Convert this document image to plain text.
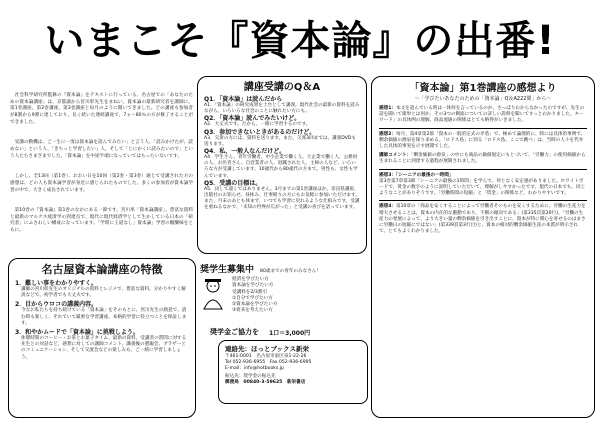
いまこそ『資本論』の出番!

　社会科学研究所監修の『資本論』をテキストに行っている、名古屋での「あなたのための資本論講座」は、京都譲から宮川彰先生をまねい、資本論の最新研究者を講師に、第1巻講座、第2巻講座、第3巻講座と毎月のように開いてきました。どの講座も参加者が8割から9割に達しており、長く続いた連続講座で、7ヵ〜80％の方が修了することができました。

　受講の動機は、ご一生に一度は資本論を読んでみたい」と言う人、「読みかけたが、読めない」という人、「きちっと学習したい」人、そして「とにかくに読みたいので」という人たちさまざまでした。「資本論」を中途半端になっていてはもったいないです。

　しかし、全13回（第1巻）、おおい日を10回（第2巻・第3巻）通じて受講された方の感想は、どの人も資本論学習が身近に感じられたものでした。多くの参加者が資本論学習の中で、大きく成長されています。

　第10巻の『資本論』第1巻のなかにある一節です。宮川率「資本論講座」。豊富な資料と最新のマルクス経済学の到達点で、現代に現代経済学として生かしている日本の「研究者」にふさわしい構成になっています。「学問に王道なし」資本論」学習の醍醐味をともに。

名古屋資本論講座の特徴
1．難しい事をわかりやすく。
講師の宮川彰先生のオリジナルの資料とレジメで、豊富な資料。分かりやすく解説などで、初学者でも大丈夫です。
2．目からウロコの講義内容。
今なお私たちを持ち続けている「資本論」をそのもとに、宮川先生の熱意で、読む時も楽しく、それでいて厳密な学習講座。本格的学習に役立つことを保証します。
3．和やかムードで「資本論」に挑戦しよう。
休憩時間のコーヒー・お茶とお菓子タイム、最新の資料、受講者の質問に対する先生との対話など、感想に対しての講師コメント、講義後の懇親会、ブラザーとのコミュニケーション、そして交流会などの楽しみも。ご一緒に学習しましょう。
講座受講のQ＆A
Q1．「資本論」は読んだから
A1．「資本論」の研究成果を土台として講義。現代社会の最新の資料を読みながら、いろいろな社会のことに触れたい方にも。
Q2．「資本論」読んでみたいけど。
A2．大丈夫です。だから、一緒に学習するのです。
Q3．参加できないときがあるのだけど。
A3．欠席の方には、資料を送ります。また、欠席3回までは、講義DVDも送ります。
Q4．私、一般人なんだけど。
A4．学生さん、青年労働者、中小企業で働く人、大企業で働く人、公務員の人、お医者さん、自営業者の人、退職された人、主婦の人など、いろいろな方が受講しています。10歳代から80歳代の方まで。男性も、女性も学んでいます。
Q5．受講の目標は。
A5．決して遠くではありません。3月までの第1巻講座ほか、奈良県講座、出版社のお知らせ。昼休み、仕事帰りの方にもお気軽に参加いただけます。また、月末のあとも休まず、いつでも学習に戻れるような仕組みです。受講を重ねるなかで、「未知の世界が広がった」と受講の喜びを語っています。
奨学生募集中 80歳までの青年のみなさん！
経済を学びたい方
資本論を学びたい方
受講料を2/3割引
①自分で学びたい方
②資本論を学びたい方
③将来を考えたい方
奨学金ご協力を 1口＝3,000円
連絡先：ほっとブックス新栄
〒461-0001　名古屋市東区泉1-22-26
Tel 052-936-6955　Fax 052-936-6995
E-mail：info@hotbooks.jp
振込先：奨学金の振込先
郵便局　00840-3-59625　新栄書店
「資本論」第1巻講座の感想より
〜「学びたいあなたのための「資本論」Q＆A222問」から〜
感想1：本文を読んでいる時は一体何を言っているのか、さっぱりわからなかったのですが、先生の話を聞いて簡単とは何か、その3つの側面についての詳しい説明を聞いてすっとわかりました。キーワード」の具体例の理解、商品流通の関係はとても納得がいきました。
感想2：毎月、第4章第2節「資本の一般的定式の矛盾」で、極めて論理的に、時には具体的事例で、剰余価値の源泉を探り求める。「ロドス島」に到る「ロドス島、ここで跳べ」は、当時の人々を代弁した具体的事実を示す展開でした。
講師コメント：「剰余価値の源泉」の中にも商品の価値規定にもとづいて、「労働力」の使用価値から生まれることに到達する過程が展開されました。
感想3：「シーニアの最後の一時間」
第3巻第7章第3節「シーニアの最後の1時間」を学んで、何となく安定感がありました。ホワイトボードで、黄金の数字のように説明していただいて、理解がしやすかったです。現代の日本でも、同じようなことがありそうです。「労働時間の短縮」と「賃金」の関係など、わかりやすいです。
感想4：第10章の「商品を安くすることによって労働者そのものを安くするために、労働の生産力を増大させることは、資本の内在的な衝動であり、不断の傾向である」(第335頁第20行)、「労働の生産力の発展によって、より大きい量の剰余価値を引き出すことに、資本が特に関心を寄せるのはまさに労働日の短縮にではない」(第339頁第3行目)と、資本の相対的剰余価値生産の本質が明示されて、とてもよくわかりました。
